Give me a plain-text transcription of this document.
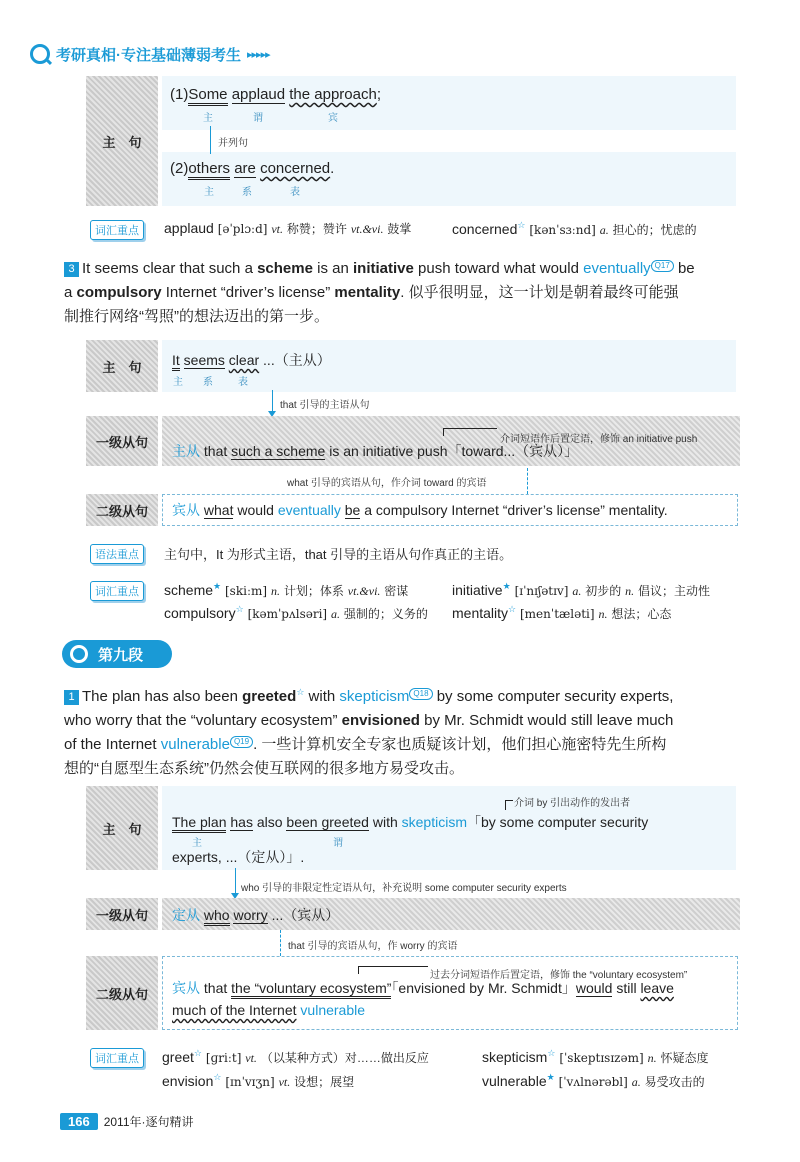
考研真相·专注基础薄弱考生 ▸▸▸▸▸
主　句
(1)Some applaud the approach;
主	谓	宾
并列句
(2)others are concerned.
主	系	表
词汇重点	applaud [əˈplɔːd] vt. 称赞；赞许 vt.&vi. 鼓掌	concerned☆ [kənˈsɜːnd] a. 担心的；忧虑的
3 It seems clear that such a scheme is an initiative push toward what would eventually Q17 be
a compulsory Internet “driver’s license” mentality. 似乎很明显，这一计划是朝着最终可能强
制推行网络“驾照”的想法迈出的第一步。
主　句	It seems clear ...（主从）
主 系	表
that 引导的主语从句
一级从句	介词短语作后置定语，修饰 an initiative push
主从 that such a scheme is an initiative push「toward...（宾从）」
what 引导的宾语从句，作介词 toward 的宾语
二级从句	宾从 what would eventually be a compulsory Internet “driver’s license” mentality.
语法重点	主句中，It 为形式主语，that 引导的主语从句作真正的主语。
词汇重点	scheme★ [skiːm] n. 计划；体系 vt.&vi. 密谋	initiative★ [ɪˈnɪʃətɪv] a. 初步的 n. 倡议；主动性
compulsory☆ [kəmˈpʌlsəri] a. 强制的；义务的 mentality☆ [menˈtæləti] n. 想法；心态
第九段
1 The plan has also been greeted☆ with skepticism Q18 by some computer security experts,
who worry that the “voluntary ecosystem” envisioned by Mr. Schmidt would still leave much
of the Internet vulnerable Q19 . 一些计算机安全专家也质疑该计划，他们担心施密特先生所构
想的“自愿型生态系统”仍然会使互联网的很多地方易受攻击。
主　句
介词 by 引出动作的发出者
The plan has also been greeted with skepticism「by some computer security
主	谓
experts, ...（定从）」.
who 引导的非限定性定语从句，补充说明 some computer security experts
一级从句	定从 who worry ...（宾从）
that 引导的宾语从句，作 worry 的宾语
二级从句
过去分词短语作后置定语，修饰 the “voluntary ecosystem”
宾从 that the “voluntary ecosystem”「envisioned by Mr. Schmidt」would still leave
much of the Internet vulnerable
词汇重点	greet☆ [ɡriːt] vt. （以某种方式）对……做出反应	skepticism☆ [ˈskeptɪsɪzəm] n. 怀疑态度
envision☆ [ɪnˈvɪʒn] vt. 设想；展望	vulnerable★ [ˈvʌlnərəbl] a. 易受攻击的
166	2011年·逐句精讲
